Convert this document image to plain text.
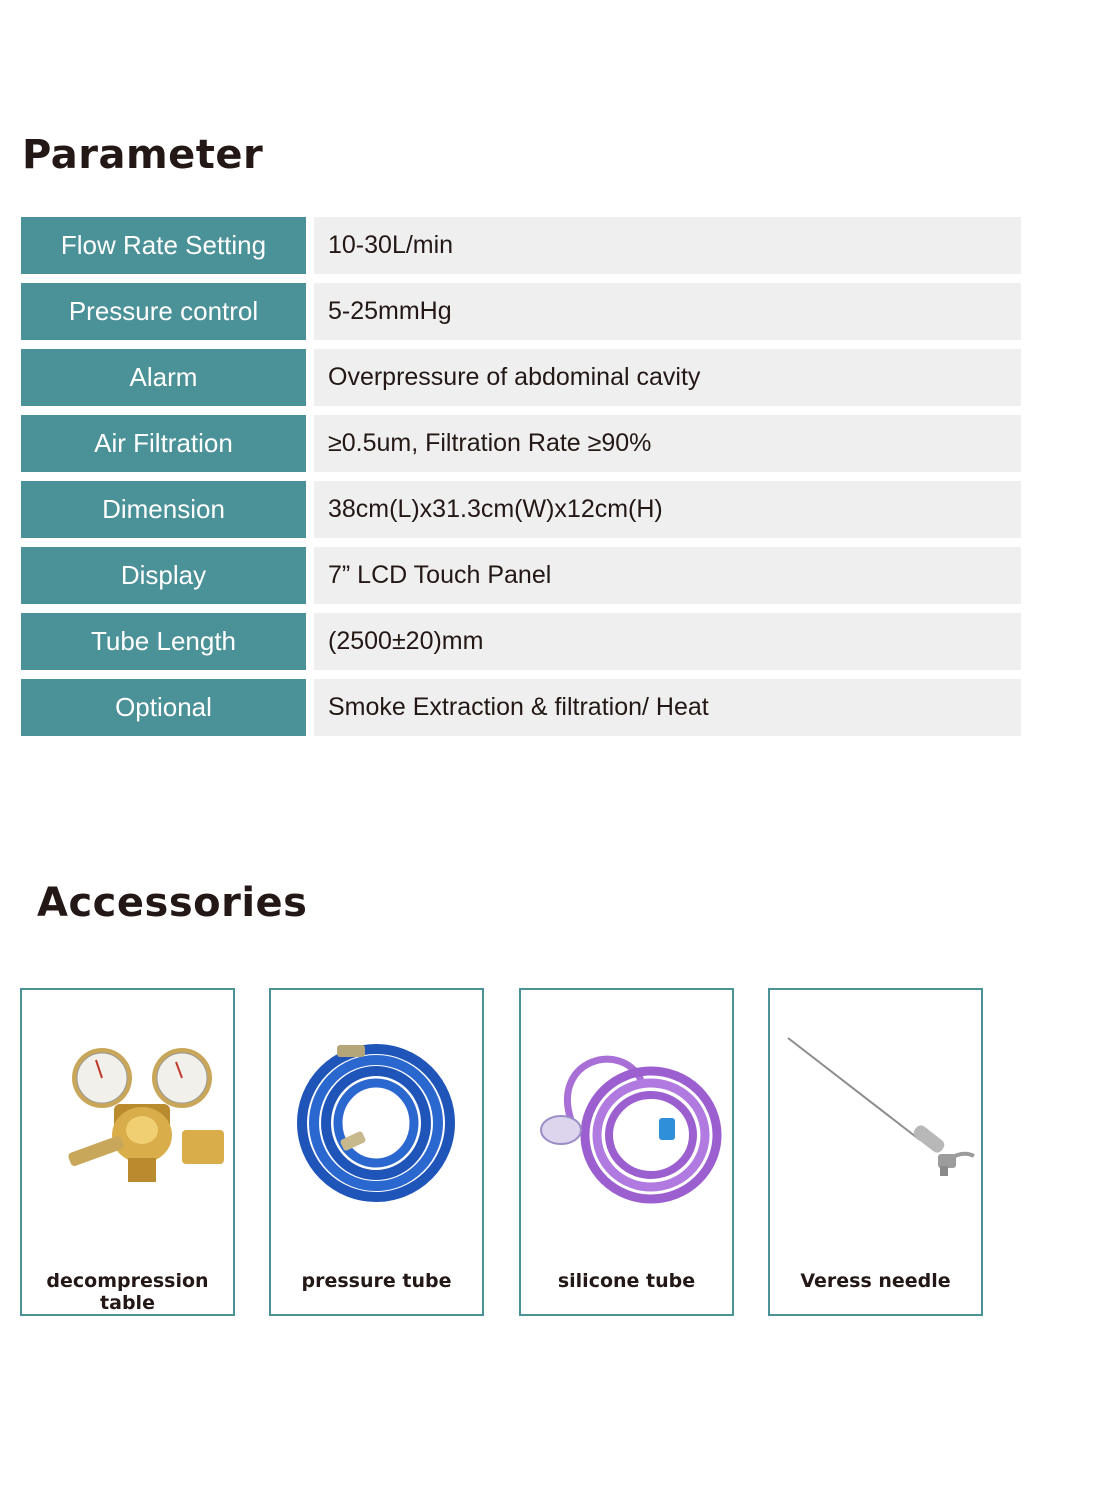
Parameter
Flow Rate Setting	10-30L/min
Pressure control	5-25mmHg
Alarm	Overpressure of abdominal cavity
Air Filtration	≥0.5um, Filtration Rate ≥90%
Dimension	38cm(L)x31.3cm(W)x12cm(H)
Display	7” LCD Touch Panel
Tube Length	(2500±20)mm
Optional	Smoke Extraction & filtration/ Heat
Accessories
decompression table
pressure tube	silicone tube	Veress needle
